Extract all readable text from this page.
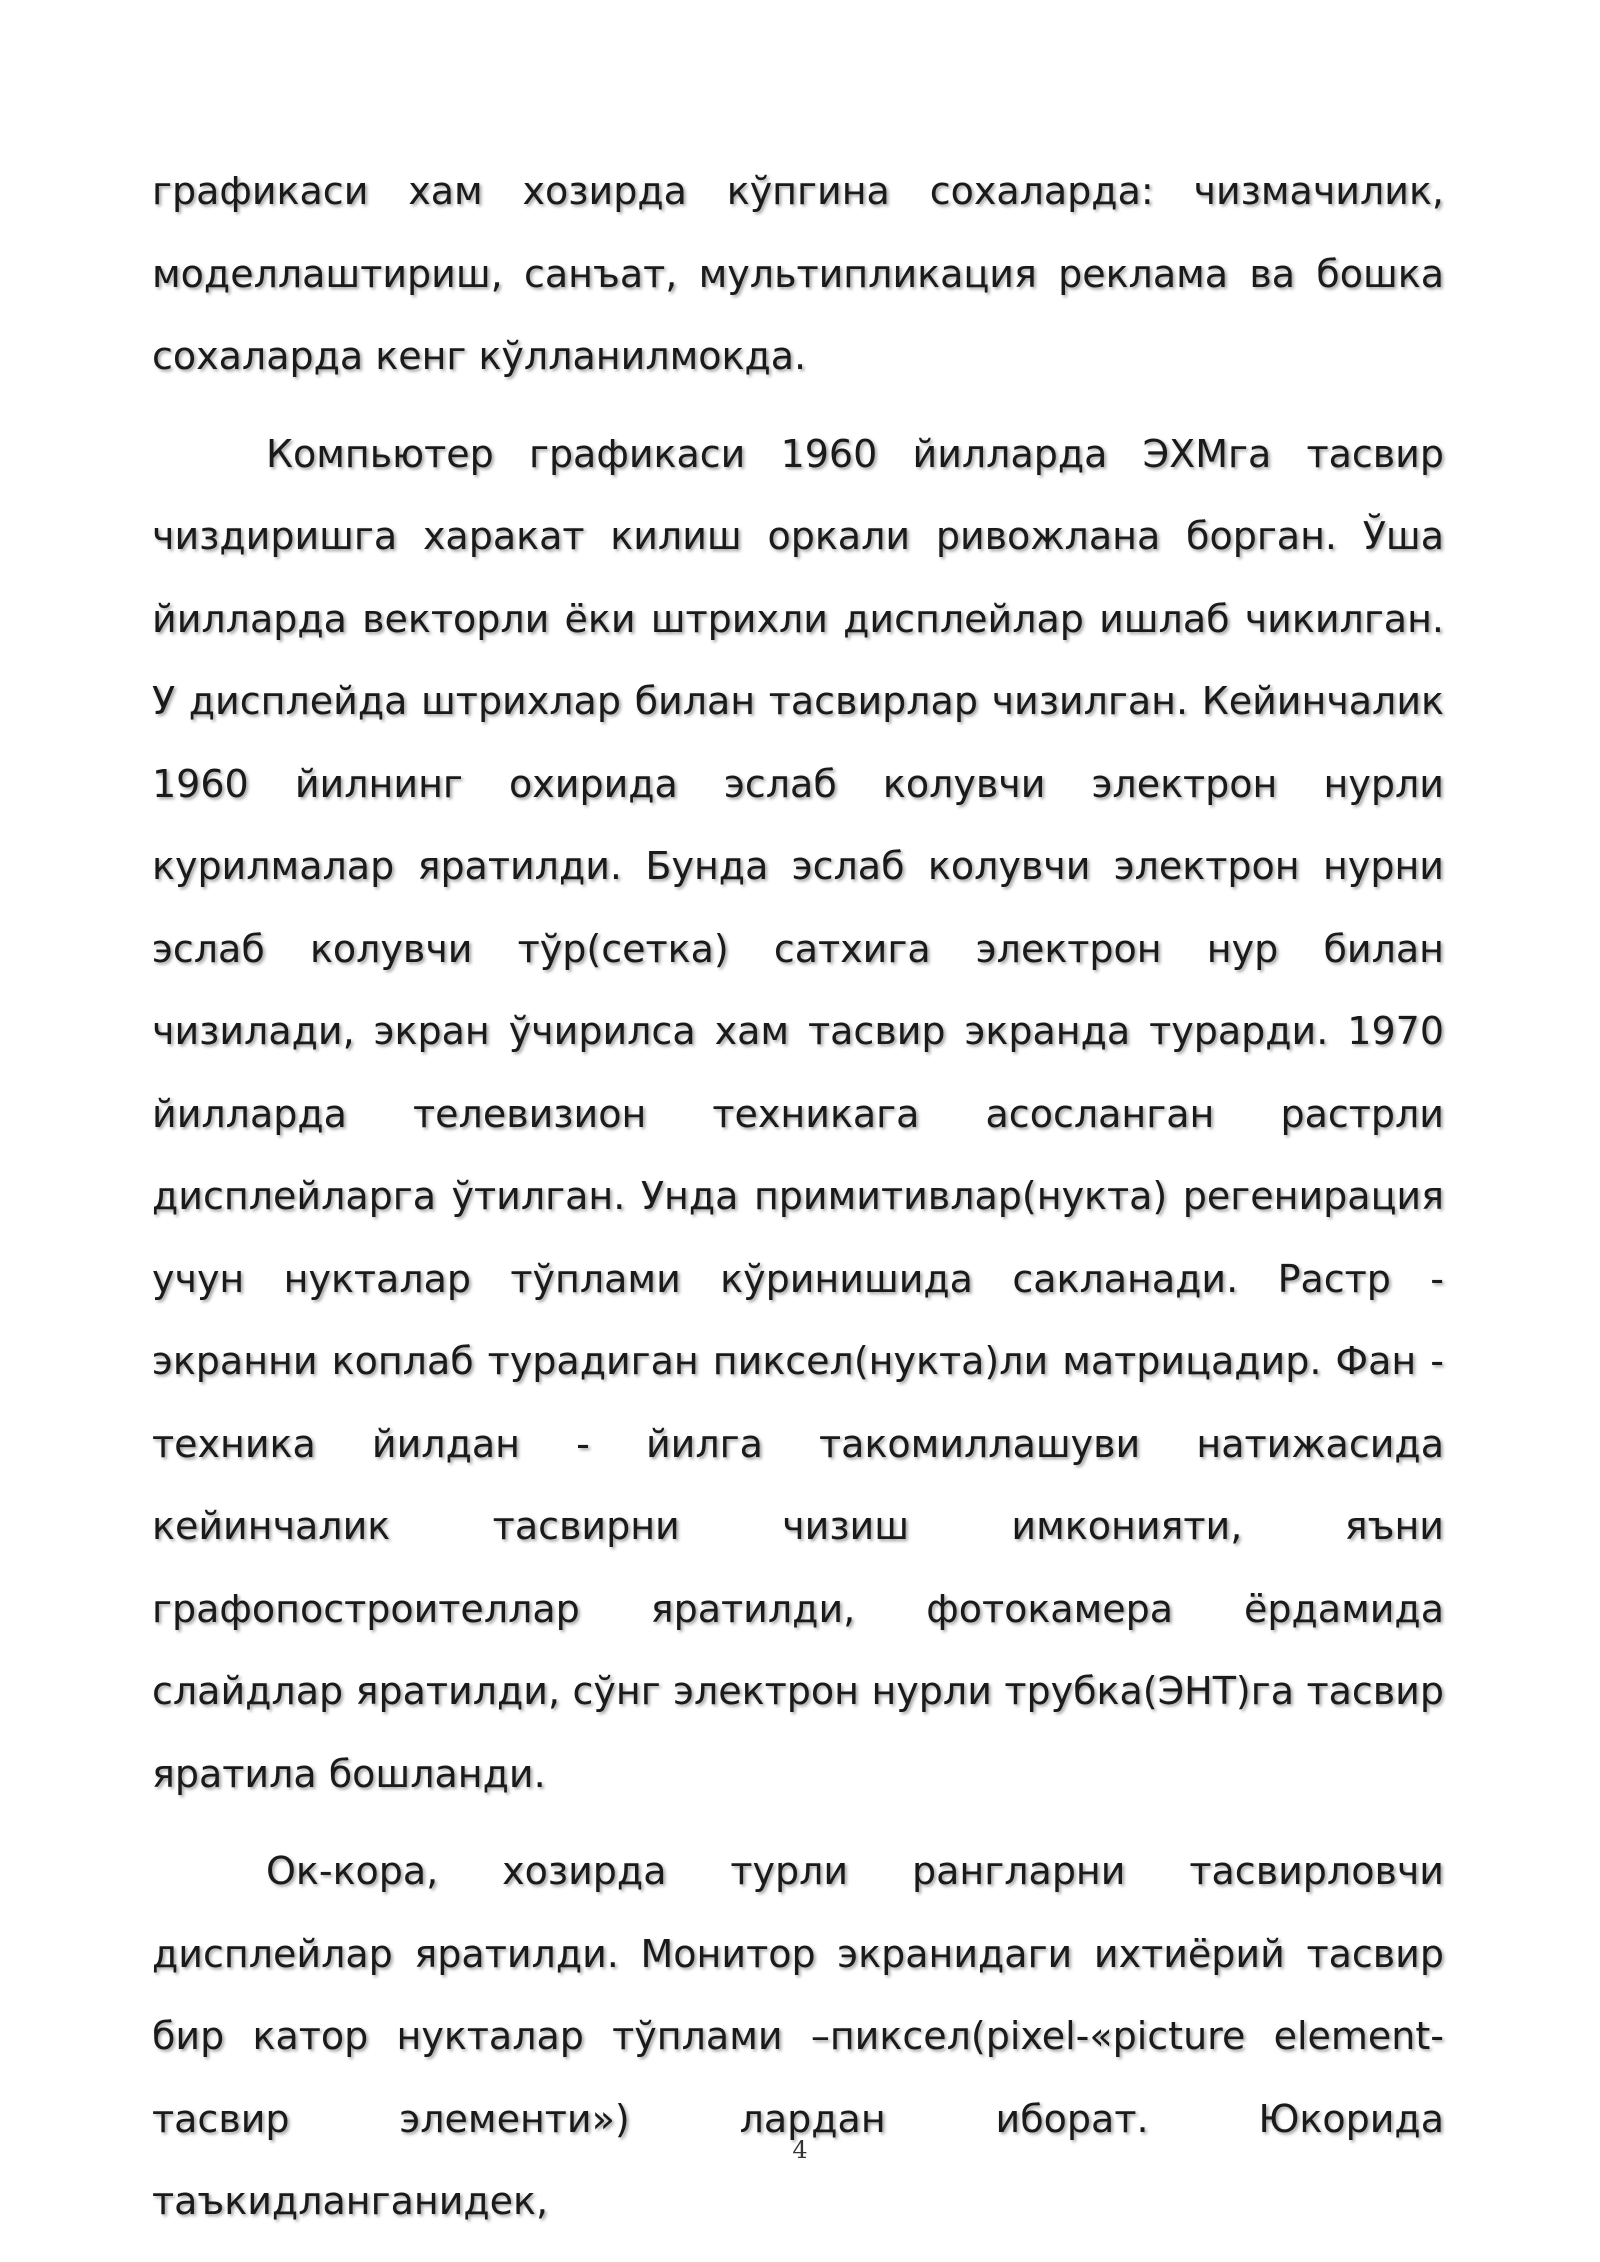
графикаси хам хозирда кўпгина сохаларда: чизмачилик, моделлаштириш, санъат, мультипликация реклама ва бошка сохаларда кенг кўлланилмокда.

Компьютер графикаси 1960 йилларда ЭХМга тасвир чиздиришга харакат килиш оркали ривожлана борган. Ўша йилларда векторли ёки штрихли дисплейлар ишлаб чикилган. У дисплейда штрихлар билан тасвирлар чизилган. Кейинчалик 1960 йилнинг охирида эслаб колувчи электрон нурли курилмалар яратилди. Бунда эслаб колувчи электрон нурни эслаб колувчи тўр(сетка) сатхига электрон нур билан чизилади, экран ўчирилса хам тасвир экранда турарди. 1970 йилларда телевизион техникага асосланган растрли дисплейларга ўтилган. Унда примитивлар(нукта) регенирация учун нукталар тўплами кўринишида сакланади. Растр - экранни коплаб турадиган пиксел(нукта)ли матрицадир. Фан - техника йилдан - йилга такомиллашуви натижасида кейинчалик тасвирни чизиш имконияти, яъни графопостроителлар яратилди, фотокамера ёрдамида слайдлар яратилди, сўнг электрон нурли трубка(ЭНТ)га тасвир яратила бошланди.

Ок-кора, хозирда турли рангларни тасвирловчи дисплейлар яратилди. Монитор экранидаги ихтиёрий тасвир бир катор нукталар тўплами –пиксел(pixel-«picture element-тасвир элементи») лардан иборат. Юкорида таъкидланганидек,

4
